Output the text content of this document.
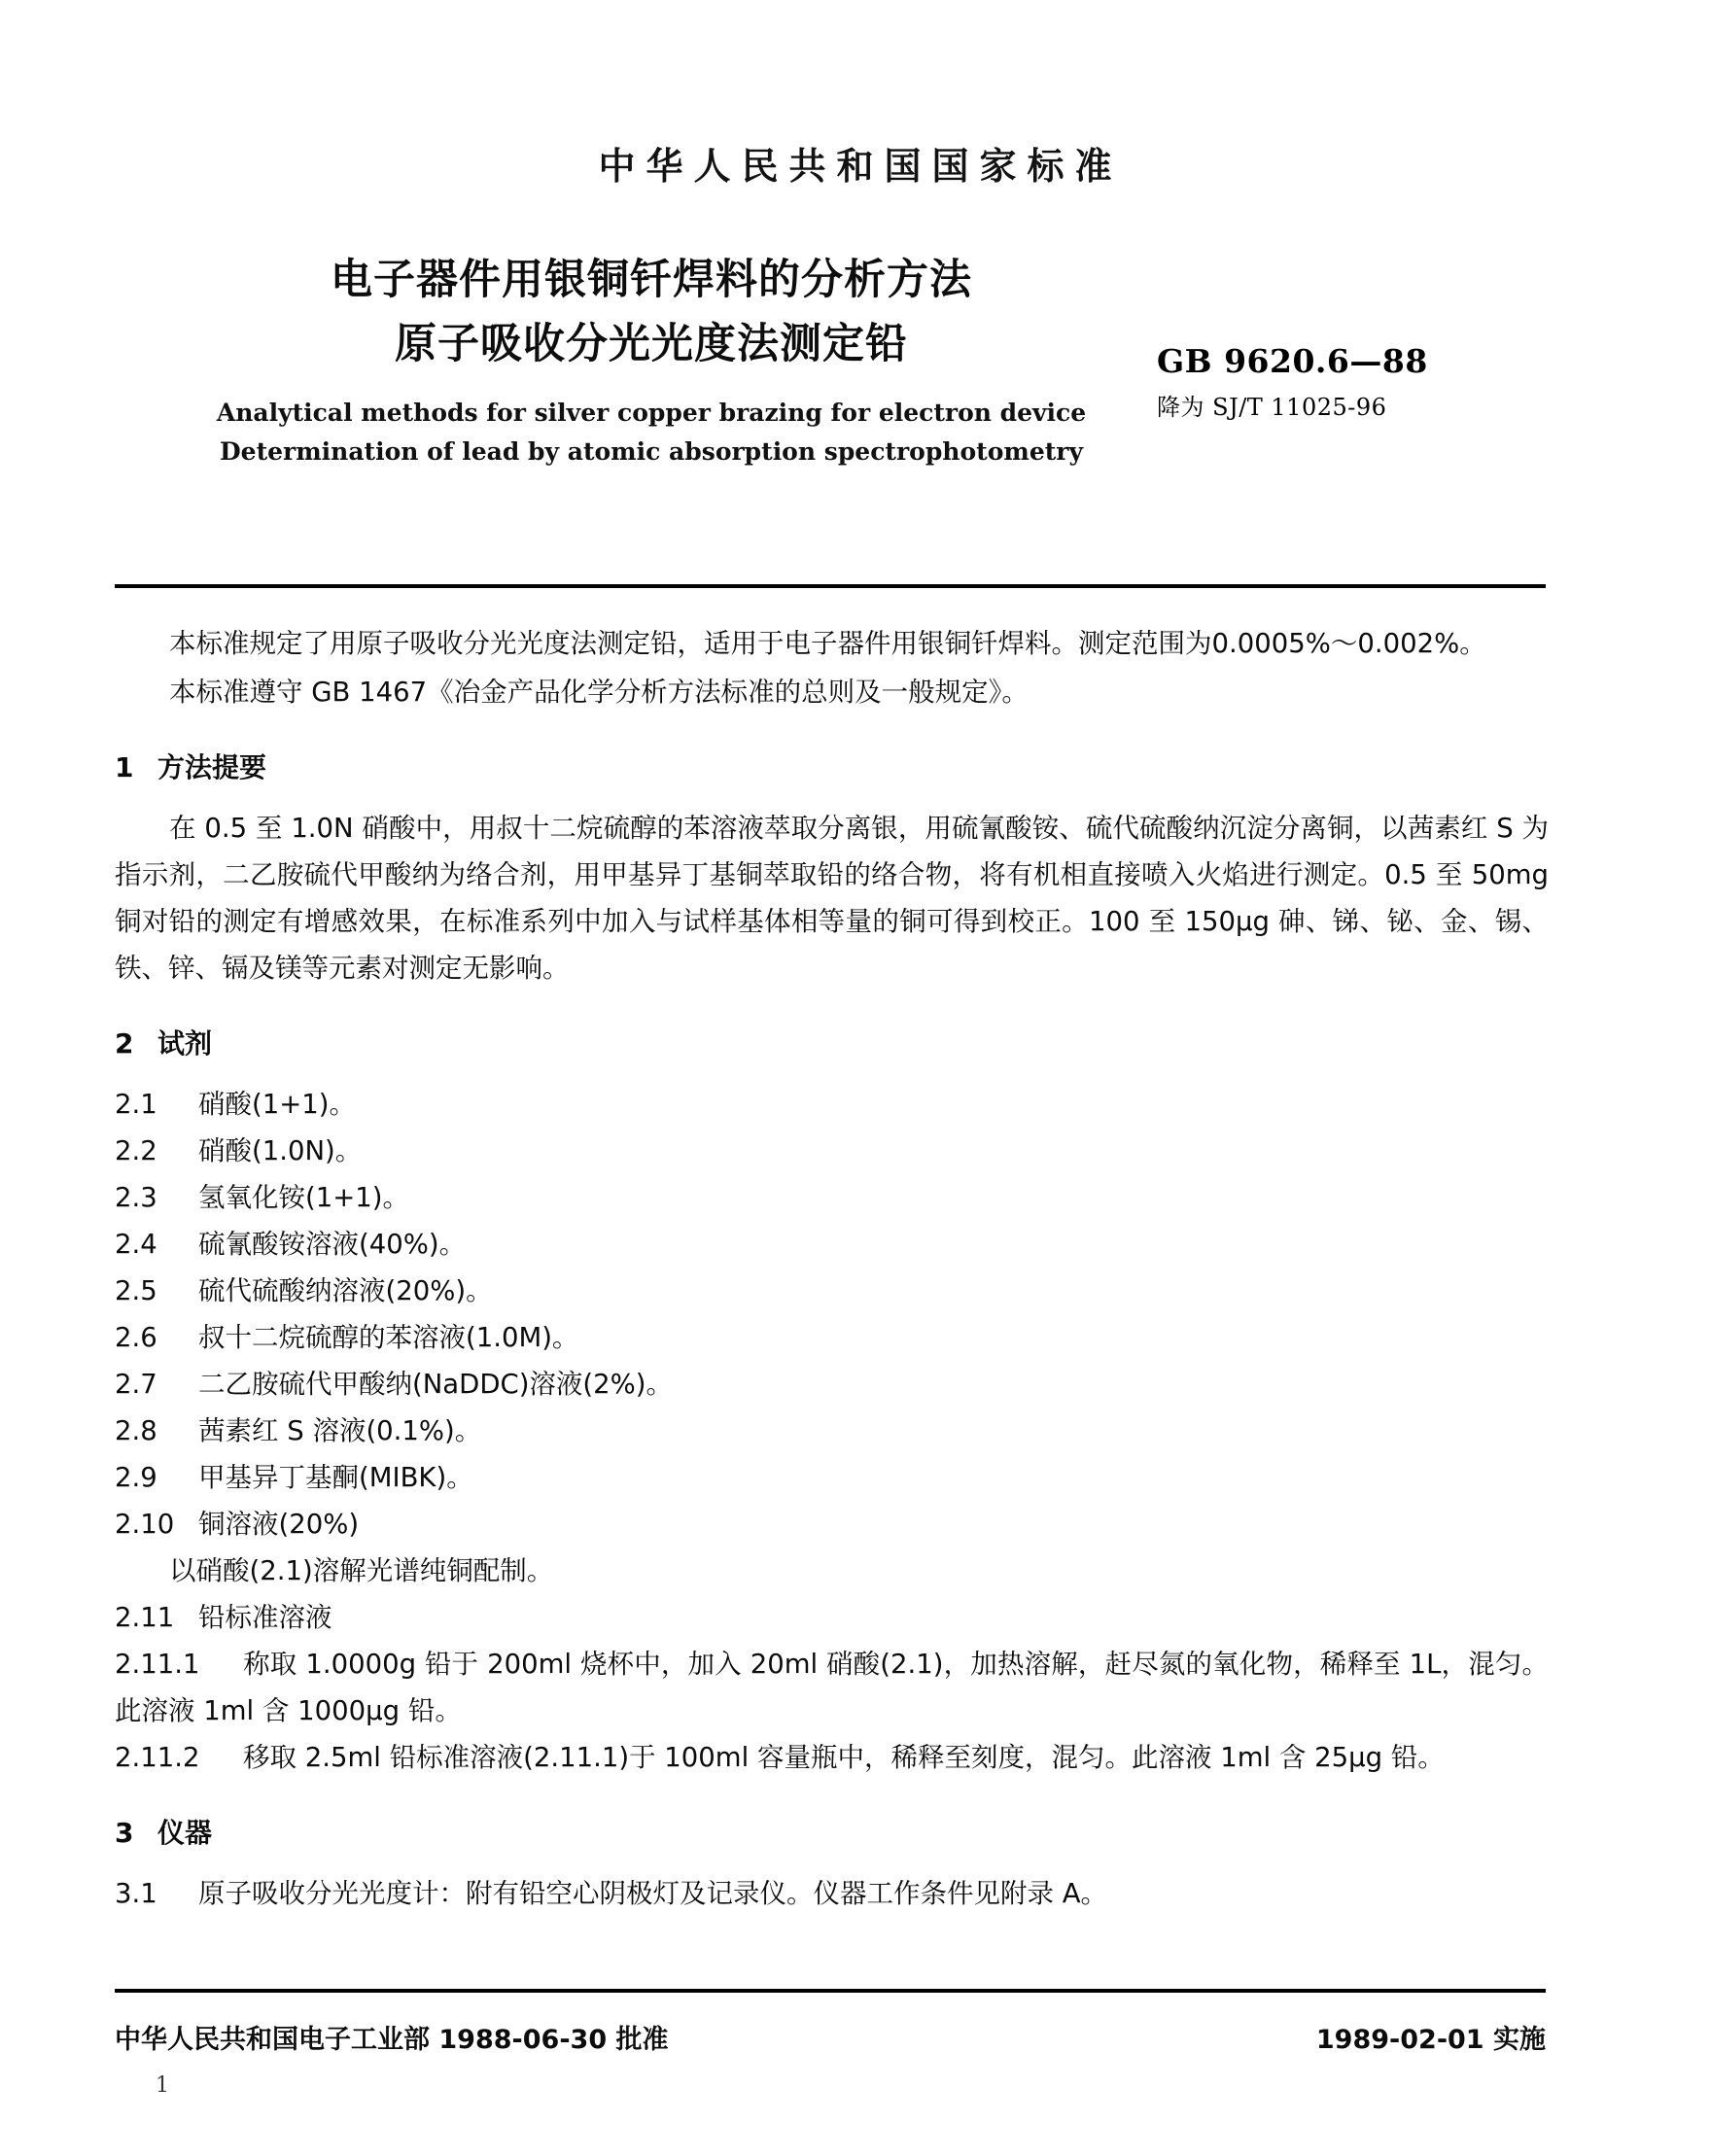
中华人民共和国国家标准
电子器件用银铜钎焊料的分析方法
原子吸收分光光度法测定铅
Analytical methods for silver copper brazing for electron device
Determination of lead by atomic absorption spectrophotometry
GB 9620.6—88
降为 SJ/T 11025-96

本标准规定了用原子吸收分光光度法测定铅，适用于电子器件用银铜钎焊料。测定范围为0.0005%～0.002%。

本标准遵守 GB 1467《冶金产品化学分析方法标准的总则及一般规定》。

1 方法提要

在 0.5 至 1.0N 硝酸中，用叔十二烷硫醇的苯溶液萃取分离银，用硫氰酸铵、硫代硫酸纳沉淀分离铜，以茜素红 S 为指示剂，二乙胺硫代甲酸纳为络合剂，用甲基异丁基铜萃取铅的络合物，将有机相直接喷入火焰进行测定。0.5 至 50mg 铜对铅的测定有增感效果，在标准系列中加入与试样基体相等量的铜可得到校正。100 至 150μg 砷、锑、铋、金、锡、铁、锌、镉及镁等元素对测定无影响。

2 试剂

2.1 硝酸(1+1)。

2.2 硝酸(1.0N)。

2.3 氢氧化铵(1+1)。

2.4 硫氰酸铵溶液(40%)。

2.5 硫代硫酸纳溶液(20%)。

2.6 叔十二烷硫醇的苯溶液(1.0M)。

2.7 二乙胺硫代甲酸纳(NaDDC)溶液(2%)。

2.8 茜素红 S 溶液(0.1%)。

2.9 甲基异丁基酮(MIBK)。

2.10 铜溶液(20%)

以硝酸(2.1)溶解光谱纯铜配制。

2.11 铅标准溶液

2.11.1 称取 1.0000g 铅于 200ml 烧杯中，加入 20ml 硝酸(2.1)，加热溶解，赶尽氮的氧化物，稀释至 1L，混匀。此溶液 1ml 含 1000μg 铅。

2.11.2 移取 2.5ml 铅标准溶液(2.11.1)于 100ml 容量瓶中，稀释至刻度，混匀。此溶液 1ml 含 25μg 铅。

3 仪器

3.1 原子吸收分光光度计：附有铅空心阴极灯及记录仪。仪器工作条件见附录 A。

中华人民共和国电子工业部 1988-06-30 批准	1989-02-01 实施
1
